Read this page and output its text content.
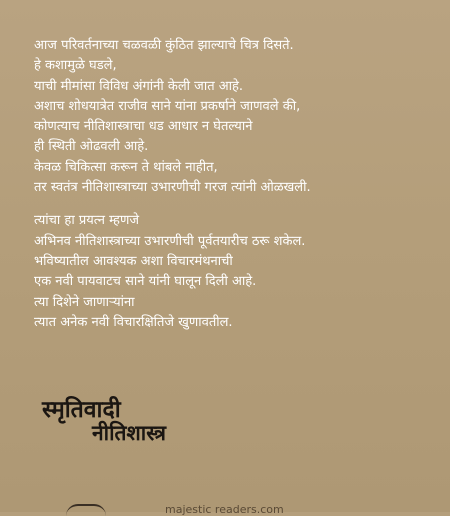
आज परिवर्तनाच्या चळवळी कुंठित झाल्याचे चित्र दिसते.
हे कशामुळे घडले,
याची मीमांसा विविध अंगांनी केली जात आहे.
अशाच शोधयात्रेत राजीव साने यांना प्रकर्षाने जाणवले की,
कोणत्याच नीतिशास्त्राचा धड आधार न घेतल्याने
ही स्थिती ओढवली आहे.
केवळ चिकित्सा करून ते थांबले नाहीत,
तर स्वतंत्र नीतिशास्त्राच्या उभारणीची गरज त्यांनी ओळखली.
त्यांचा हा प्रयत्न म्हणजे
अभिनव नीतिशास्त्राच्या उभारणीची पूर्वतयारीच ठरू शकेल.
भविष्यातील आवश्यक अशा विचारमंथनाची
एक नवी पायवाटच साने यांनी घालून दिली आहे.
त्या दिशेने जाणाऱ्यांना
त्यात अनेक नवी विचारक्षितिजे खुणावतील.
स्मृतिवादी
नीतिशास्त्र
majestic readers.com
